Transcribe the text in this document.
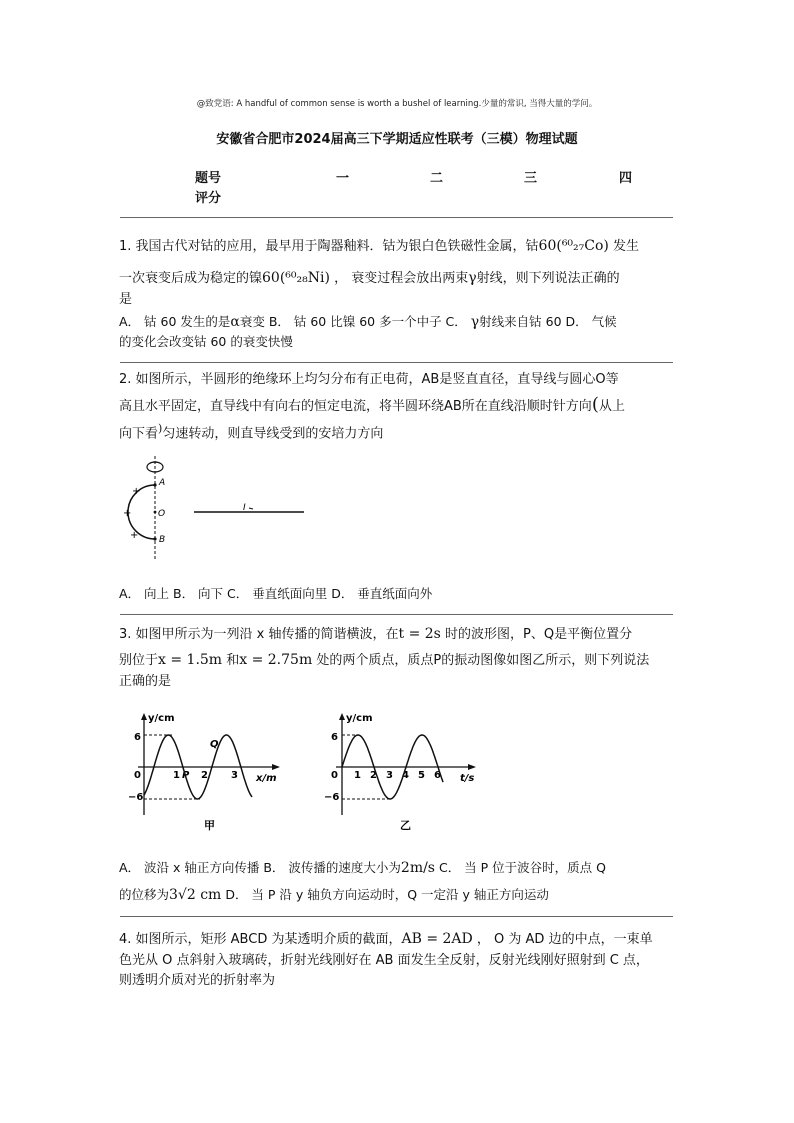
@致党语: A handful of common sense is worth a bushel of learning.少量的常识, 当得大量的学问。
安徽省合肥市2024届高三下学期适应性联考（三模）物理试题
题号	一	二	三	四
评分
1. 我国古代对钴的应用，最早用于陶器釉料．钴为银白色铁磁性金属，钴60(⁶⁰₂₇Co) 发生
一次衰变后成为稳定的镍60(⁶⁰₂₈Ni) ， 衰变过程会放出两束γ射线，则下列说法正确的
是
A． 钴 60 发生的是α衰变 B． 钴 60 比镍 60 多一个中子 C． γ射线来自钴 60 D． 气候
的变化会改变钴 60 的衰变快慢
2. 如图所示，半圆形的绝缘环上均匀分布有正电荷，AB是竖直直径，直导线与圆心O等
高且水平固定，直导线中有向右的恒定电流，将半圆环绕AB所在直线沿顺时针方向(从上
向下看)匀速转动，则直导线受到的安培力方向
+
+
+
A
O
B
I
A． 向上 B． 向下 C． 垂直纸面向里 D． 垂直纸面向外
3. 如图甲所示为一列沿 x 轴传播的简谐横波，在t = 2s 时的波形图，P、Q是平衡位置分
别位于x = 1.5m 和x = 2.75m 处的两个质点，质点P的振动图像如图乙所示，则下列说法
正确的是
y/cm
x/m
6
−6
0	1 2 3
P
Q
甲
y/cm
t/s
6
−6
0 1 2 3 4 5 6
乙
A． 波沿 x 轴正方向传播 B． 波传播的速度大小为2m/s C． 当 P 位于波谷时，质点 Q
的位移为3√2 cm D． 当 P 沿 y 轴负方向运动时，Q 一定沿 y 轴正方向运动
4. 如图所示，矩形 ABCD 为某透明介质的截面，AB = 2AD ， O 为 AD 边的中点，一束单
色光从 O 点斜射入玻璃砖，折射光线刚好在 AB 面发生全反射，反射光线刚好照射到 C 点，
则透明介质对光的折射率为
